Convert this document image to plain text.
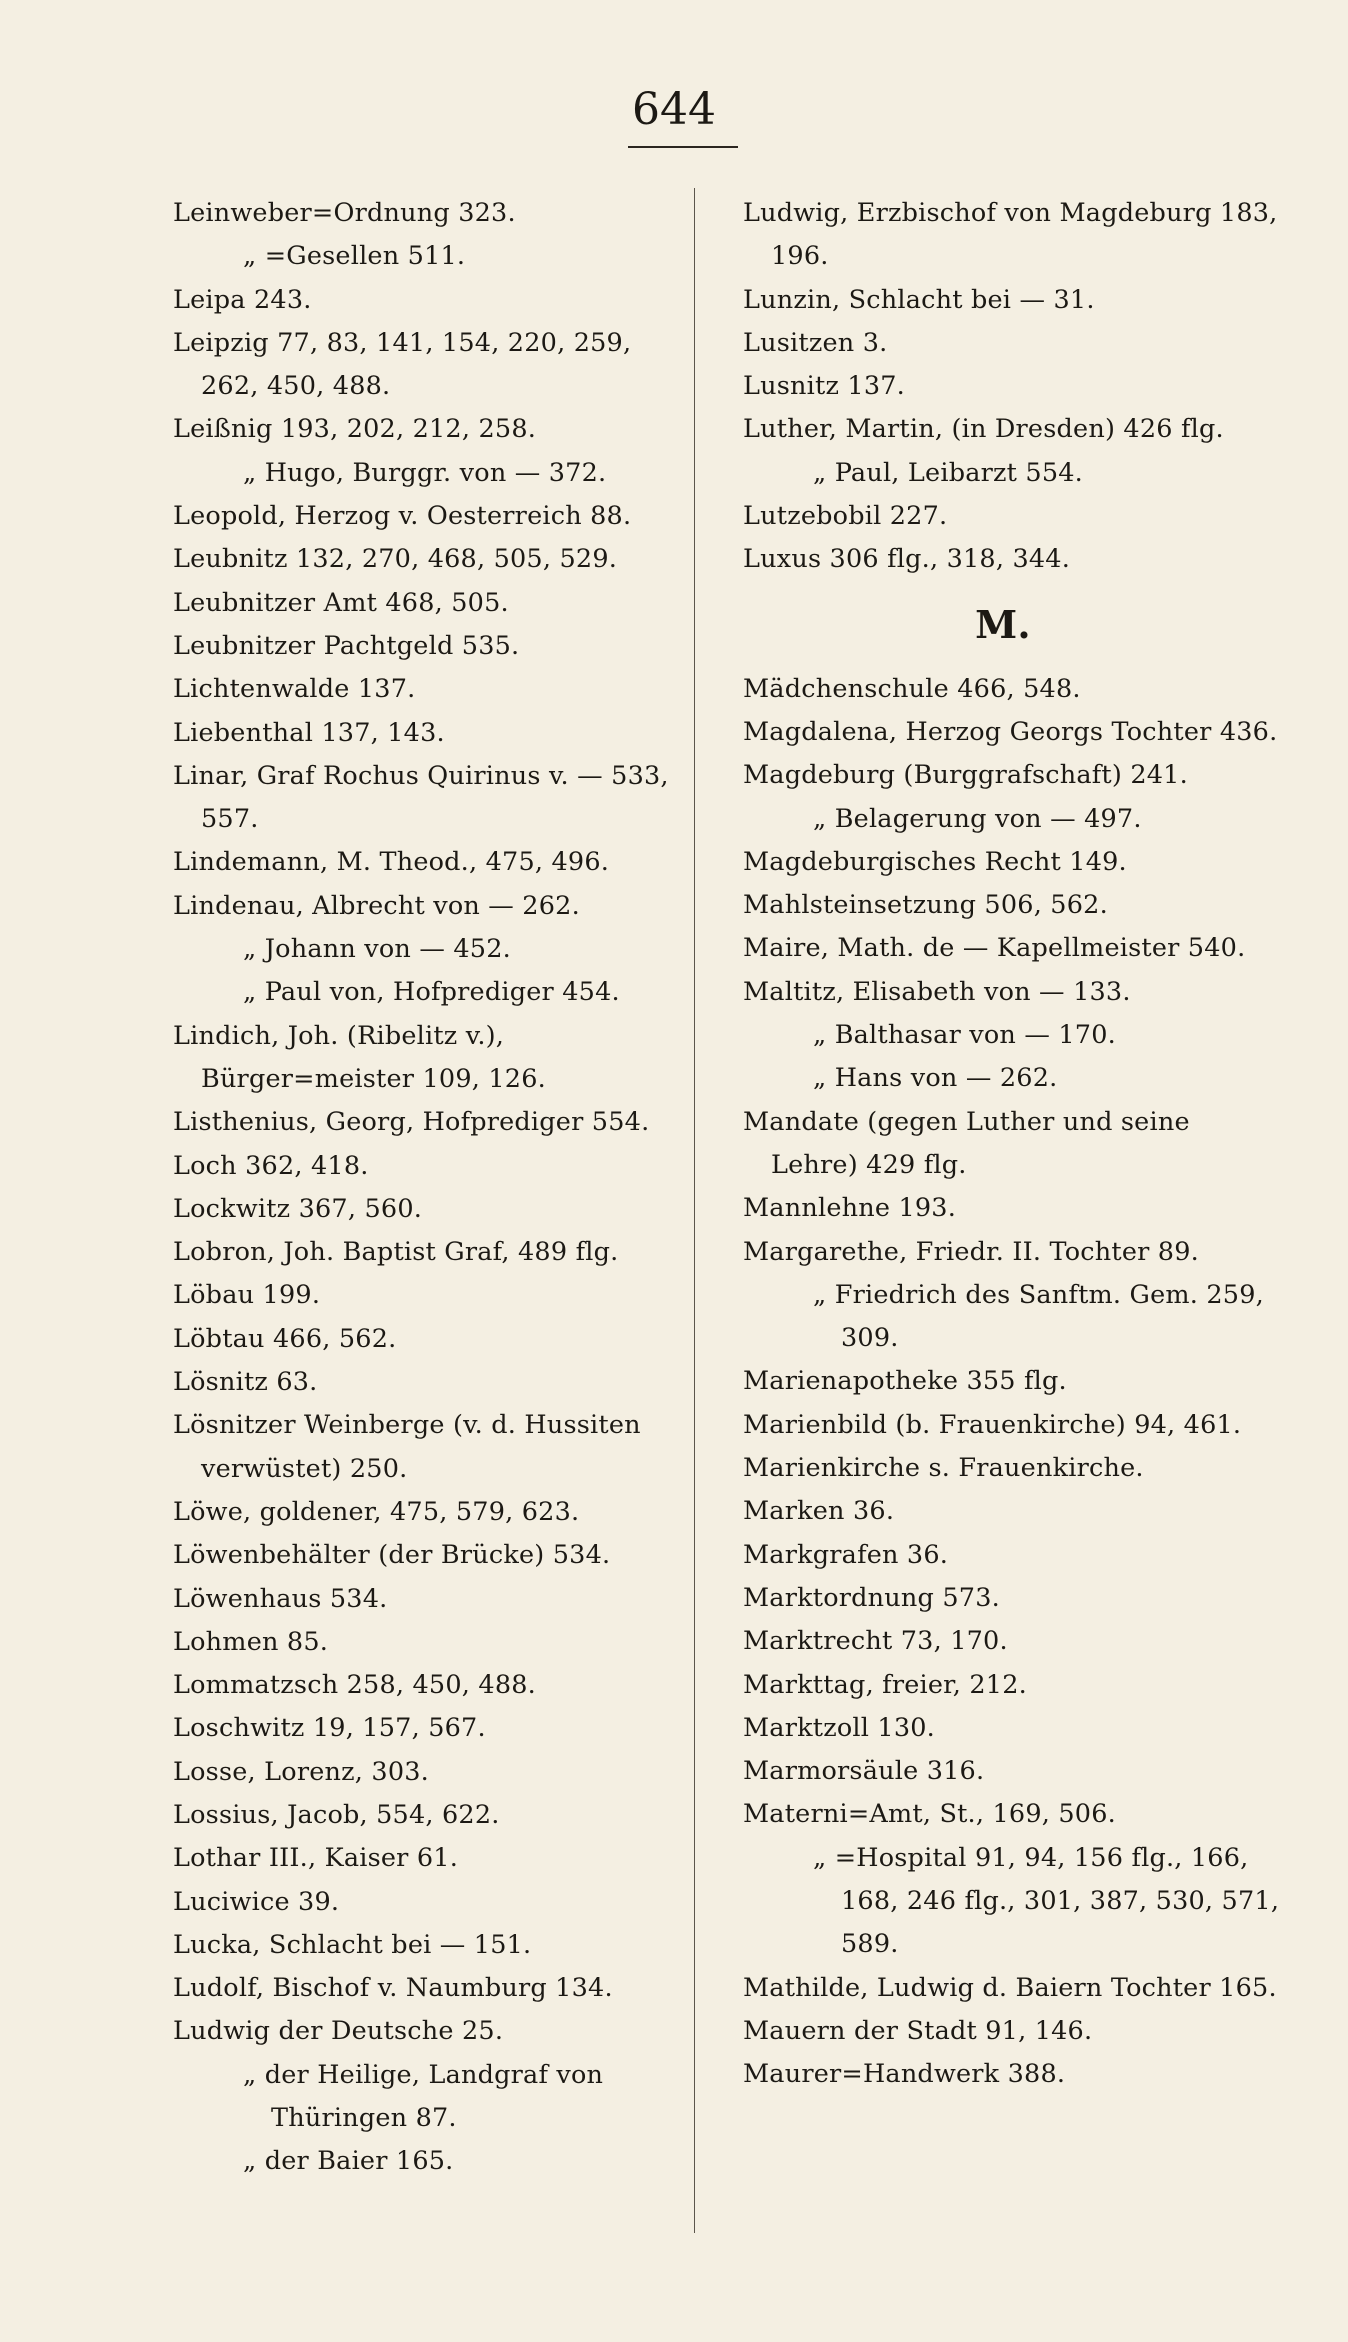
644
Leinweber=Ordnung 323.
„ =Gesellen 511.
Leipa 243.
Leipzig 77, 83, 141, 154, 220, 259, 262, 450, 488.
Leißnig 193, 202, 212, 258.
„ Hugo, Burggr. von — 372.
Leopold, Herzog v. Oesterreich 88.
Leubnitz 132, 270, 468, 505, 529.
Leubnitzer Amt 468, 505.
Leubnitzer Pachtgeld 535.
Lichtenwalde 137.
Liebenthal 137, 143.
Linar, Graf Rochus Quirinus v. — 533, 557.
Lindemann, M. Theod., 475, 496.
Lindenau, Albrecht von — 262.
„ Johann von — 452.
„ Paul von, Hofprediger 454.
Lindich, Joh. (Ribelitz v.), Bürger=meister 109, 126.
Listhenius, Georg, Hofprediger 554.
Loch 362, 418.
Lockwitz 367, 560.
Lobron, Joh. Baptist Graf, 489 flg.
Löbau 199.
Löbtau 466, 562.
Lösnitz 63.
Lösnitzer Weinberge (v. d. Hussiten verwüstet) 250.
Löwe, goldener, 475, 579, 623.
Löwenbehälter (der Brücke) 534.
Löwenhaus 534.
Lohmen 85.
Lommatzsch 258, 450, 488.
Loschwitz 19, 157, 567.
Losse, Lorenz, 303.
Lossius, Jacob, 554, 622.
Lothar III., Kaiser 61.
Luciwice 39.
Lucka, Schlacht bei — 151.
Ludolf, Bischof v. Naumburg 134.
Ludwig der Deutsche 25.
„ der Heilige, Landgraf von Thüringen 87.
„ der Baier 165.
Ludwig, Erzbischof von Magdeburg 183, 196.
Lunzin, Schlacht bei — 31.
Lusitzen 3.
Lusnitz 137.
Luther, Martin, (in Dresden) 426 flg.
„ Paul, Leibarzt 554.
Lutzebobil 227.
Luxus 306 flg., 318, 344.
M.
Mädchenschule 466, 548.
Magdalena, Herzog Georgs Tochter 436.
Magdeburg (Burggrafschaft) 241.
„ Belagerung von — 497.
Magdeburgisches Recht 149.
Mahlsteinsetzung 506, 562.
Maire, Math. de — Kapellmeister 540.
Maltitz, Elisabeth von — 133.
„ Balthasar von — 170.
„ Hans von — 262.
Mandate (gegen Luther und seine Lehre) 429 flg.
Mannlehne 193.
Margarethe, Friedr. II. Tochter 89.
„ Friedrich des Sanftm. Gem. 259, 309.
Marienapotheke 355 flg.
Marienbild (b. Frauenkirche) 94, 461.
Marienkirche s. Frauenkirche.
Marken 36.
Markgrafen 36.
Marktordnung 573.
Marktrecht 73, 170.
Markttag, freier, 212.
Marktzoll 130.
Marmorsäule 316.
Materni=Amt, St., 169, 506.
„ =Hospital 91, 94, 156 flg., 166, 168, 246 flg., 301, 387, 530, 571, 589.
Mathilde, Ludwig d. Baiern Tochter 165.
Mauern der Stadt 91, 146.
Maurer=Handwerk 388.
